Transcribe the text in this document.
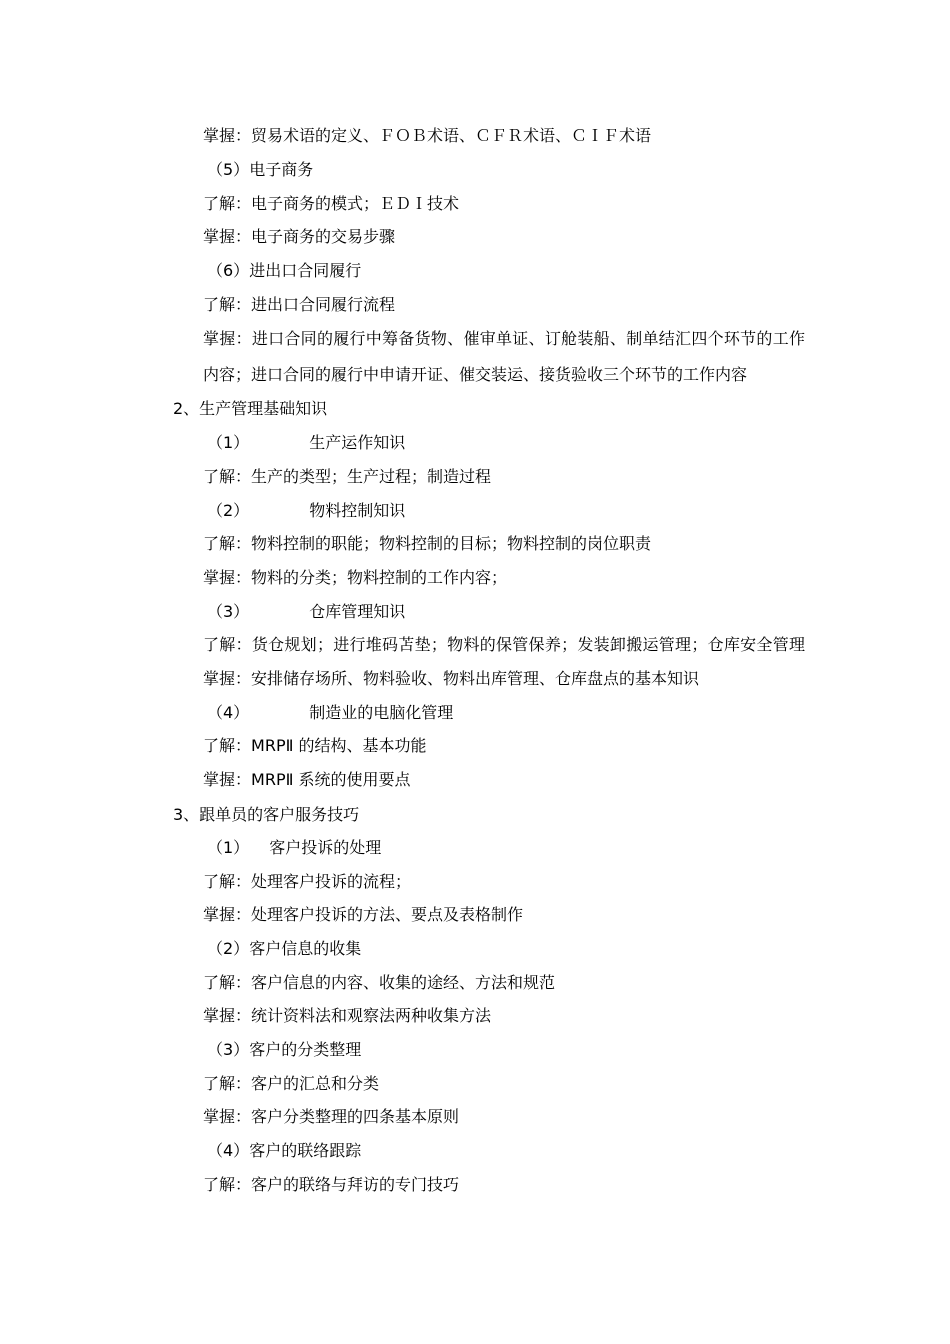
掌握：贸易术语的定义、ＦＯＢ术语、ＣＦＲ术语、ＣＩＦ术语
（5）电子商务
了解：电子商务的模式；ＥＤＩ技术
掌握：电子商务的交易步骤
（6）进出口合同履行
了解：进出口合同履行流程
掌握：进口合同的履行中筹备货物、催审单证、订舱装船、制单结汇四个环节的工作
内容；进口合同的履行中申请开证、催交装运、接货验收三个环节的工作内容
2、生产管理基础知识
（1）	生产运作知识
了解：生产的类型；生产过程；制造过程
（2）	物料控制知识
了解：物料控制的职能；物料控制的目标；物料控制的岗位职责
掌握：物料的分类；物料控制的工作内容；
（3）	仓库管理知识
了解：货仓规划；进行堆码苫垫；物料的保管保养；发装卸搬运管理；仓库安全管理
掌握：安排储存场所、物料验收、物料出库管理、仓库盘点的基本知识
（4）	制造业的电脑化管理
了解：MRPⅡ 的结构、基本功能
掌握：MRPⅡ 系统的使用要点
3、跟单员的客户服务技巧
（1） 客户投诉的处理
了解：处理客户投诉的流程；
掌握：处理客户投诉的方法、要点及表格制作
（2）客户信息的收集
了解：客户信息的内容、收集的途经、方法和规范
掌握：统计资料法和观察法两种收集方法
（3）客户的分类整理
了解：客户的汇总和分类
掌握：客户分类整理的四条基本原则
（4）客户的联络跟踪
了解：客户的联络与拜访的专门技巧
